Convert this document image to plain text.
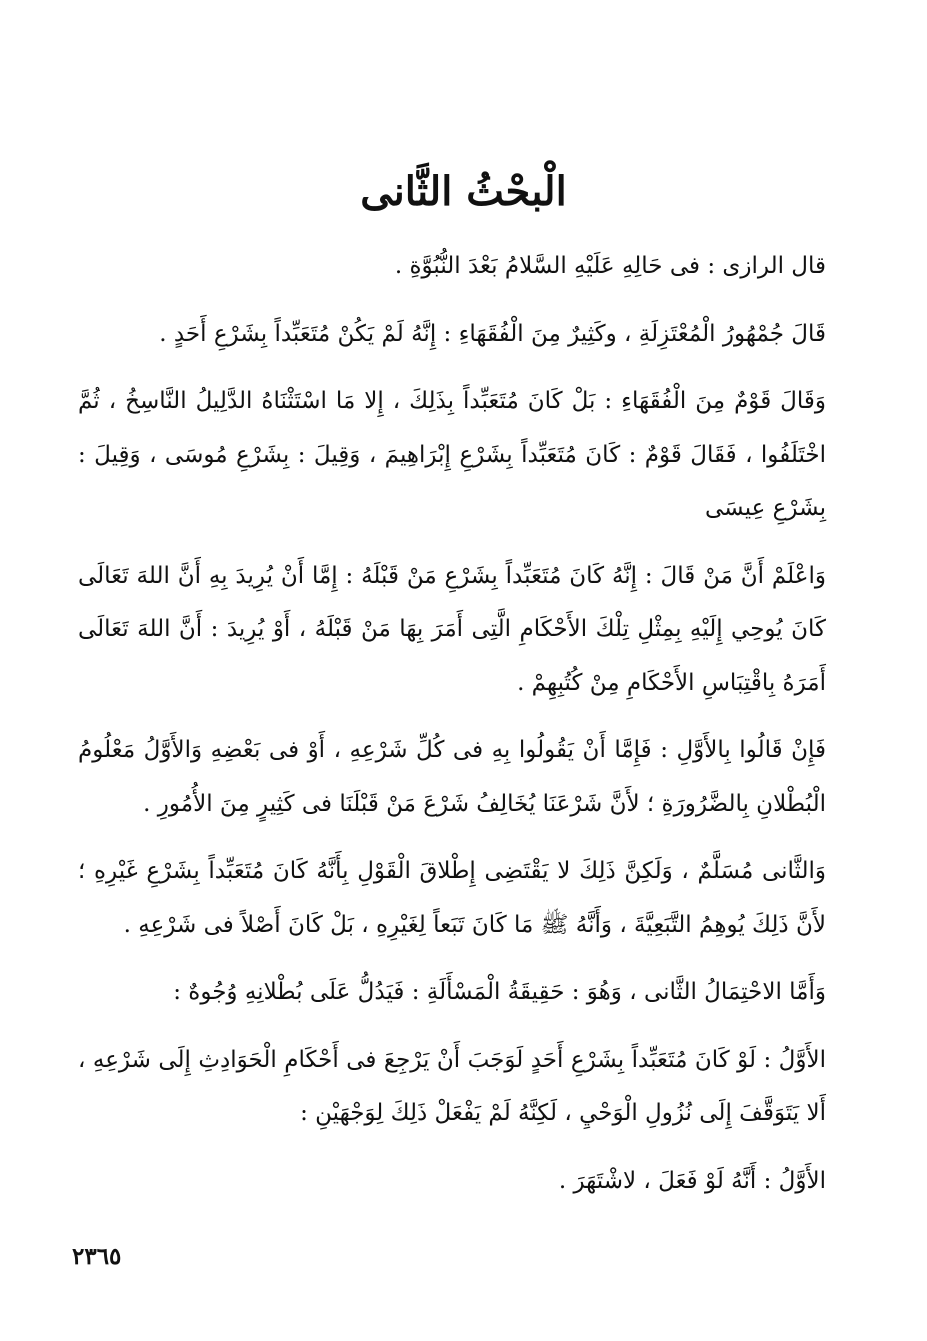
الْبحْثُ الثَّانى

قال الرازى : فى حَالِهِ عَلَيْهِ السَّلامُ بَعْدَ النُّبُوَّةِ .

قَالَ جُمْهُورُ الْمُعْتَزِلَةِ ، وكَثِيرٌ مِنَ الْفُقَهَاءِ : إِنَّهُ لَمْ يَكُنْ مُتَعَبِّداً بِشَرْعِ أَحَدٍ .

وَقَالَ قَوْمٌ مِنَ الْفُقَهَاءِ : بَلْ كَانَ مُتَعَبِّداً بِذَلِكَ ، إِلا مَا اسْتَثْنَاهُ الدَّلِيلُ النَّاسِخُ ، ثُمَّ اخْتَلَفُوا ، فَقَالَ قَوْمٌ : كَانَ مُتَعَبِّداً بِشَرْعِ إِبْرَاهِيمَ ، وَقِيلَ : بِشَرْعِ مُوسَى ، وَقِيلَ : بِشَرْعِ عِيسَى

وَاعْلَمْ أَنَّ مَنْ قَالَ : إِنَّهُ كَانَ مُتَعَبِّداً بِشَرْعِ مَنْ قَبْلَهُ : إِمَّا أَنْ يُرِيدَ بِهِ أَنَّ اللهَ تَعَالَى كَانَ يُوحِي إِلَيْهِ بِمِثْلِ تِلْكَ الأَحْكَامِ الَّتِى أَمَرَ بِهَا مَنْ قَبْلَهُ ، أَوْ يُرِيدَ : أَنَّ اللهَ تَعَالَى أَمَرَهُ بِاقْتِبَاسِ الأَحْكَامِ مِنْ كُتُبِهِمْ .

فَإِنْ قَالُوا بِالأَوَّلِ : فَإِمَّا أَنْ يَقُولُوا بِهِ فى كُلِّ شَرْعِهِ ، أَوْ فى بَعْضِهِ وَالأَوَّلُ مَعْلُومُ الْبُطْلانِ بِالضَّرُورَةِ ؛ لأَنَّ شَرْعَنَا يُخَالِفُ شَرْعَ مَنْ قَبْلَنَا فى كَثِيرٍ مِنَ الأُمُورِ .

وَالثَّانى مُسَلَّمٌ ، وَلَكِنَّ ذَلِكَ لا يَقْتَضِى إِطْلاقَ الْقَوْلِ بِأَنَّهُ كَانَ مُتَعَبِّداً بِشَرْعِ غَيْرِهِ ؛ لأَنَّ ذَلِكَ يُوهِمُ التَّبَعِيَّةَ ، وَأَنَّهُ ﷺ مَا كَانَ تَبَعاً لِغَيْرِهِ ، بَلْ كَانَ أَصْلاً فى شَرْعِهِ .

وَأَمَّا الاحْتِمَالُ الثَّانى ، وَهُوَ : حَقِيقَةُ الْمَسْأَلَةِ : فَيَدُلُّ عَلَى بُطْلانِهِ وُجُوهٌ :

الأَوَّلُ : لَوْ كَانَ مُتَعَبِّداً بِشَرْعِ أَحَدٍ لَوَجَبَ أَنْ يَرْجِعَ فى أَحْكَامِ الْحَوَادِثِ إِلَى شَرْعِهِ ، أَلا يَتَوَقَّفَ إِلَى نُزُولِ الْوَحْيِ ، لَكِنَّهُ لَمْ يَفْعَلْ ذَلِكَ لِوَجْهَيْنِ :

الأَوَّلُ : أَنَّهُ لَوْ فَعَلَ ، لاشْتَهَرَ .

٢٣٦٥
